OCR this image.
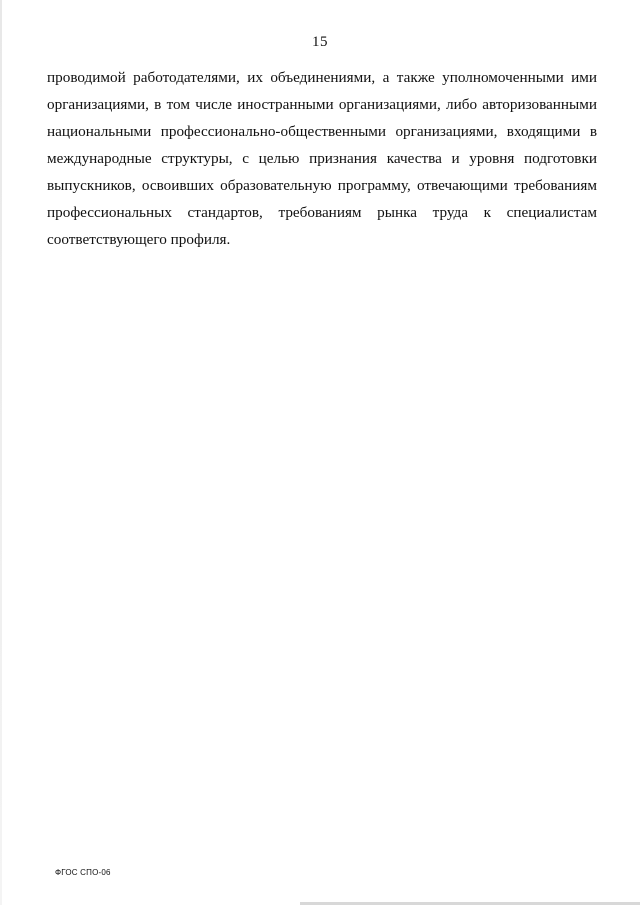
15
проводимой работодателями, их объединениями, а также уполномоченными ими
организациями, в том числе иностранными организациями, либо авторизованными
национальными профессионально-общественными организациями, входящими в
международные структуры, с целью признания качества и уровня подготовки
выпускников, освоивших образовательную программу, отвечающими требованиям
профессиональных стандартов, требованиям рынка труда к специалистам
соответствующего профиля.
ФГОС СПО-06
